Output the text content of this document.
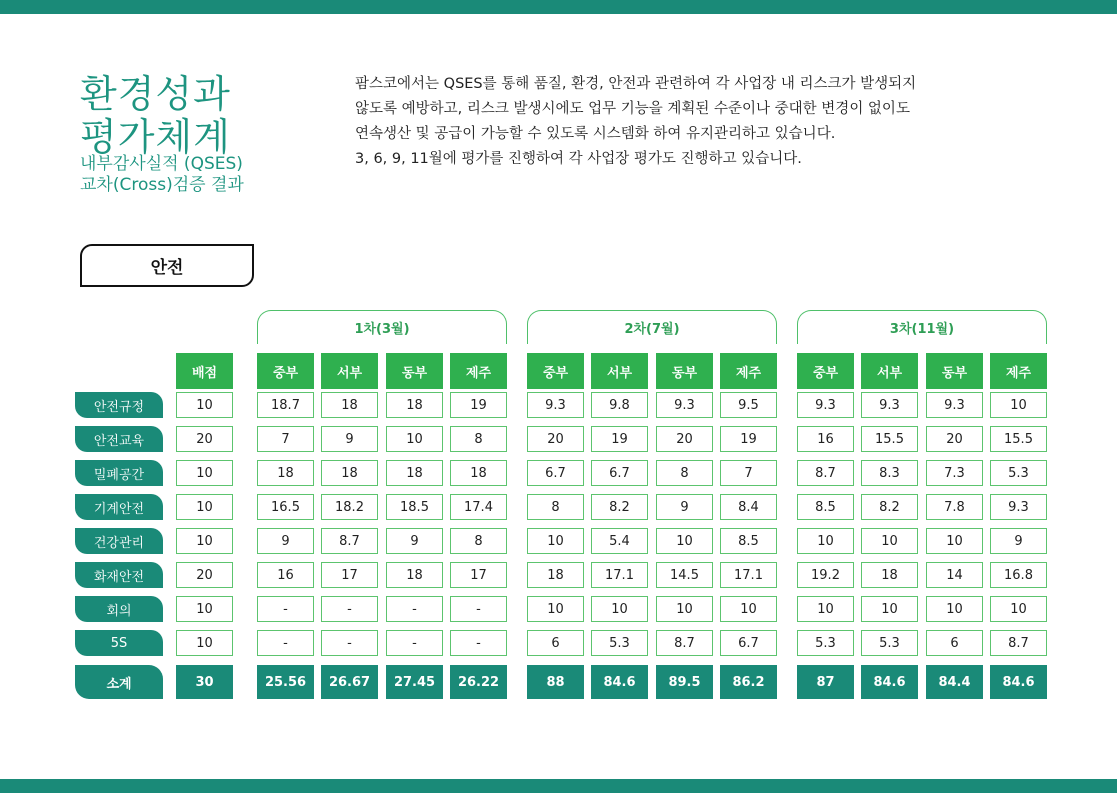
환경성과
평가체계
내부감사실적 (QSES)
교차(Cross)검증 결과
팜스코에서는 QSES를 통해 품질, 환경, 안전과 관련하여 각 사업장 내 리스크가 발생되지
않도록 예방하고, 리스크 발생시에도 업무 기능을 계획된 수준이나 중대한 변경이 없이도
연속생산 및 공급이 가능할 수 있도록 시스템화 하여 유지관리하고 있습니다.
3, 6, 9, 11월에 평가를 진행하여 각 사업장 평가도 진행하고 있습니다.
안전
1차(3월)	2차(7월)	3차(11월)
배점	중부	서부	동부	제주	중부	서부	동부	제주	중부	서부	동부	제주
안전규정	10	18.7	18	18	19	9.3	9.8	9.3	9.5	9.3	9.3	9.3	10
안전교육	20	7	9	10	8	20	19	20	19	16	15.5	20	15.5
밀폐공간	10	18	18	18	18	6.7	6.7	8	7	8.7	8.3	7.3	5.3
기계안전	10	16.5	18.2	18.5	17.4	8	8.2	9	8.4	8.5	8.2	7.8	9.3
건강관리	10	9	8.7	9	8	10	5.4	10	8.5	10	10	10	9
화재안전	20	16	17	18	17	18	17.1	14.5	17.1	19.2	18	14	16.8
회의	10	-	-	-	-	10	10	10	10	10	10	10	10
5S	10	-	-	-	-	6	5.3	8.7	6.7	5.3	5.3	6	8.7
소계	30	25.56	26.67	27.45	26.22	88	84.6	89.5	86.2	87	84.6	84.4	84.6
